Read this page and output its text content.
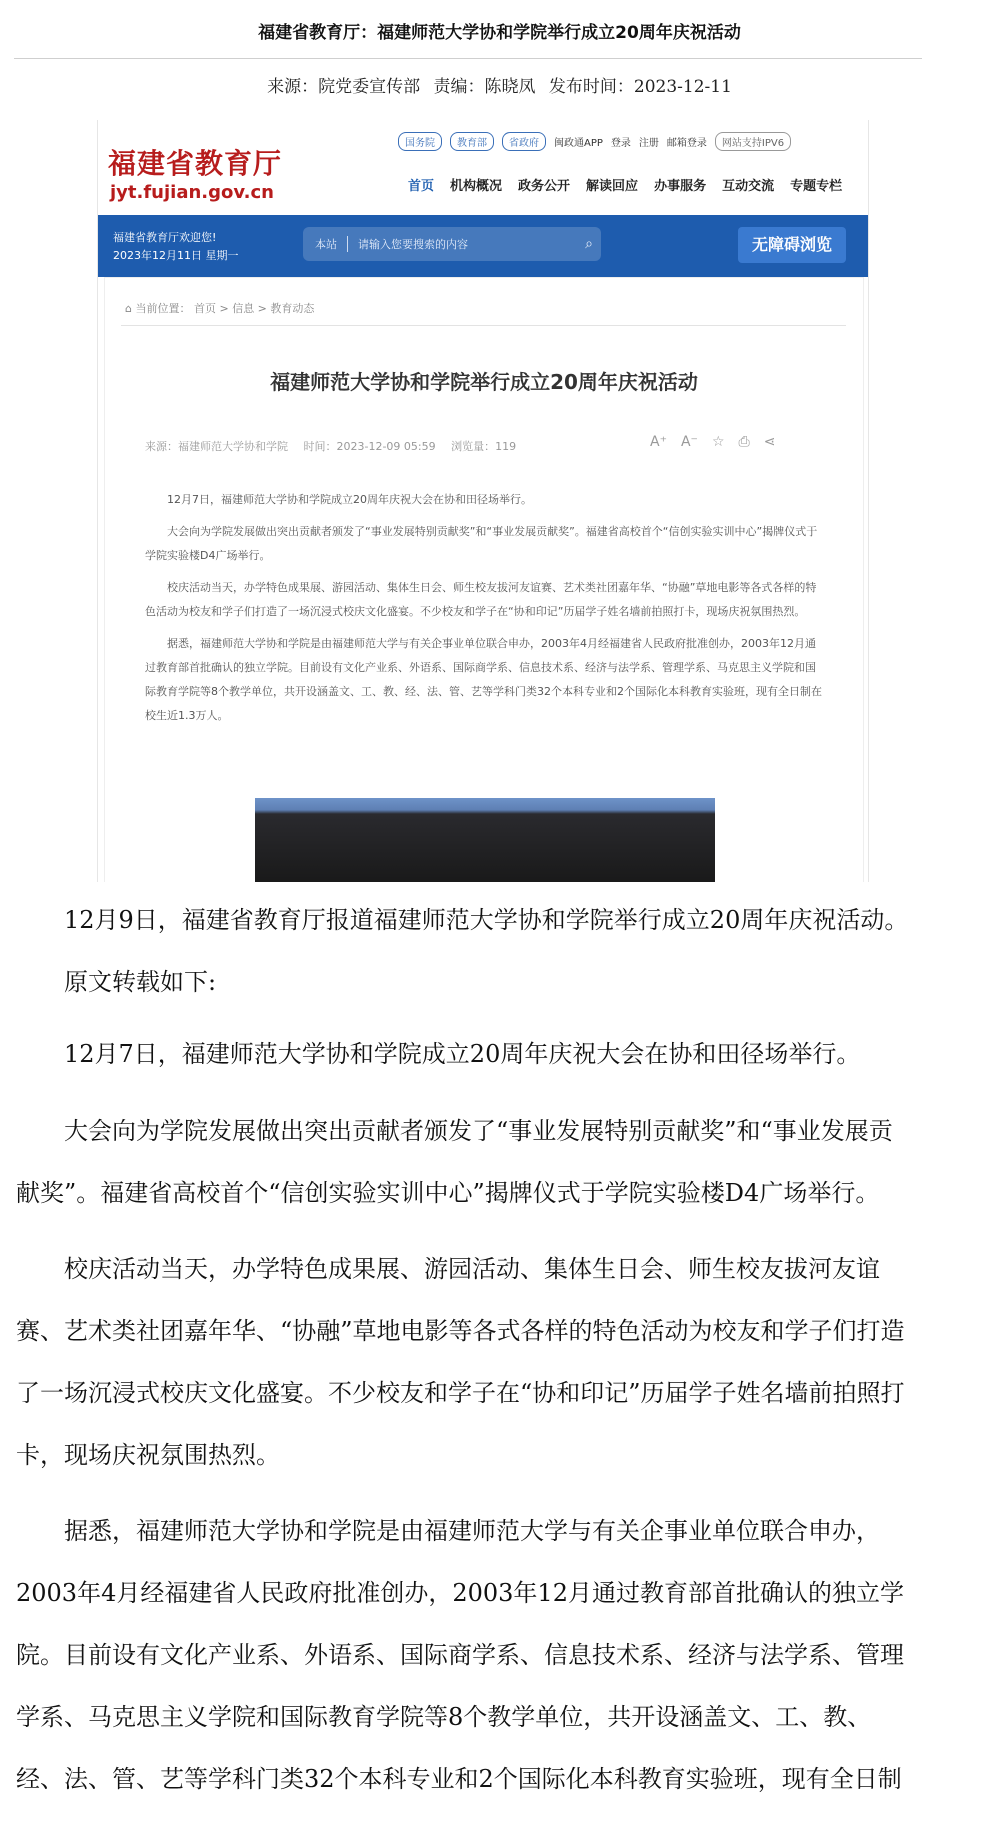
福建省教育厅：福建师范大学协和学院举行成立20周年庆祝活动
来源：院党委宣传部 责编：陈晓凤 发布时间：2023-12-11
福建省教育厅
jyt.fujian.gov.cn
国务院	教育部	省政府	闽政通APP 登录 注册 邮箱登录	网站支持IPV6
首页 机构概况 政务公开 解读回应 办事服务 互动交流 专题专栏
福建省教育厅欢迎您!
2023年12月11日 星期一
本站	请输入您要搜索的内容	⌕	无障碍浏览
⌂ 当前位置： 首页 > 信息 > 教育动态
福建师范大学协和学院举行成立20周年庆祝活动
来源：福建师范大学协和学院 时间：2023-12-09 05:59 浏览量：119	A⁺ A⁻ ☆ ⎙ ⋖

12月7日，福建师范大学协和学院成立20周年庆祝大会在协和田径场举行。

大会向为学院发展做出突出贡献者颁发了“事业发展特别贡献奖”和“事业发展贡献奖”。福建省高校首个“信创实验实训中心”揭牌仪式于学院实验楼D4广场举行。

校庆活动当天，办学特色成果展、游园活动、集体生日会、师生校友拔河友谊赛、艺术类社团嘉年华、“协融”草地电影等各式各样的特色活动为校友和学子们打造了一场沉浸式校庆文化盛宴。不少校友和学子在“协和印记”历届学子姓名墙前拍照打卡，现场庆祝氛围热烈。

据悉，福建师范大学协和学院是由福建师范大学与有关企事业单位联合申办，2003年4月经福建省人民政府批准创办，2003年12月通过教育部首批确认的独立学院。目前设有文化产业系、外语系、国际商学系、信息技术系、经济与法学系、管理学系、马克思主义学院和国际教育学院等8个教学单位，共开设涵盖文、工、教、经、法、管、艺等学科门类32个本科专业和2个国际化本科教育实验班，现有全日制在校生近1.3万人。

12月9日，福建省教育厅报道福建师范大学协和学院举行成立20周年庆祝活动。

原文转载如下:

12月7日，福建师范大学协和学院成立20周年庆祝大会在协和田径场举行。

大会向为学院发展做出突出贡献者颁发了“事业发展特别贡献奖”和“事业发展贡献奖”。福建省高校首个“信创实验实训中心”揭牌仪式于学院实验楼D4广场举行。

校庆活动当天，办学特色成果展、游园活动、集体生日会、师生校友拔河友谊赛、艺术类社团嘉年华、“协融”草地电影等各式各样的特色活动为校友和学子们打造了一场沉浸式校庆文化盛宴。不少校友和学子在“协和印记”历届学子姓名墙前拍照打卡，现场庆祝氛围热烈。

据悉，福建师范大学协和学院是由福建师范大学与有关企事业单位联合申办，2003年4月经福建省人民政府批准创办，2003年12月通过教育部首批确认的独立学院。目前设有文化产业系、外语系、国际商学系、信息技术系、经济与法学系、管理学系、马克思主义学院和国际教育学院等8个教学单位，共开设涵盖文、工、教、经、法、管、艺等学科门类32个本科专业和2个国际化本科教育实验班，现有全日制
